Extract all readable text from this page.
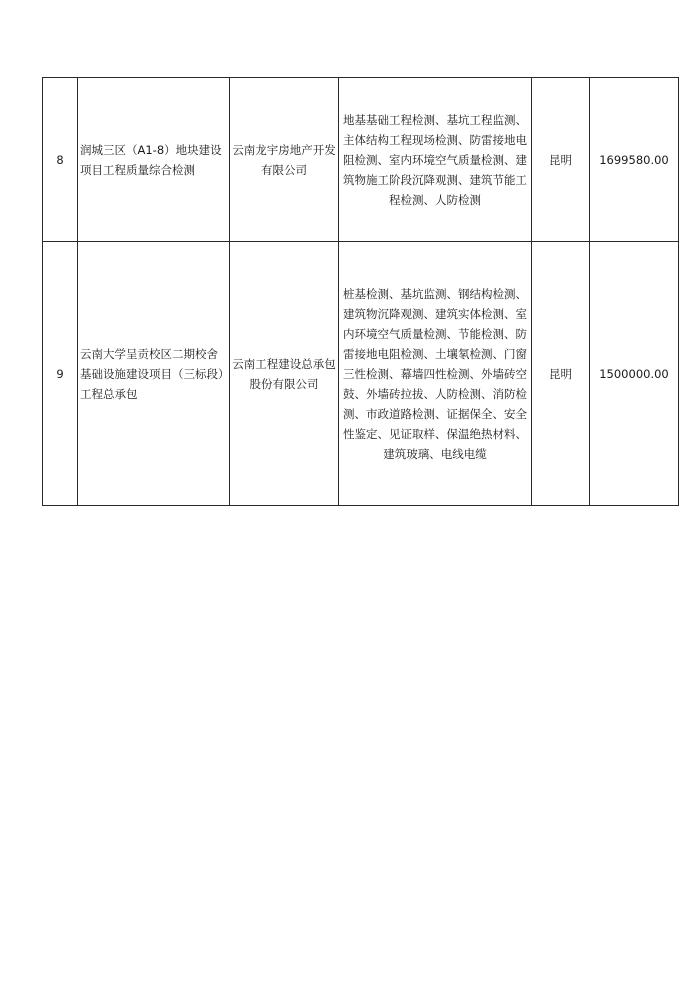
8	润城三区（A1-8）地块建设项目工程质量综合检测	云南龙宇房地产开发有限公司	地基基础工程检测、基坑工程监测、主体结构工程现场检测、防雷接地电阻检测、室内环境空气质量检测、建筑物施工阶段沉降观测、建筑节能工程检测、人防检测	昆明	1699580.00

9	云南大学呈贡校区二期校舍基础设施建设项目（三标段）工程总承包	云南工程建设总承包股份有限公司	桩基检测、基坑监测、钢结构检测、建筑物沉降观测、建筑实体检测、室内环境空气质量检测、节能检测、防雷接地电阻检测、土壤氡检测、门窗三性检测、幕墙四性检测、外墙砖空鼓、外墙砖拉拔、人防检测、消防检测、市政道路检测、证据保全、安全性鉴定、见证取样、保温绝热材料、建筑玻璃、电线电缆	昆明	1500000.00
